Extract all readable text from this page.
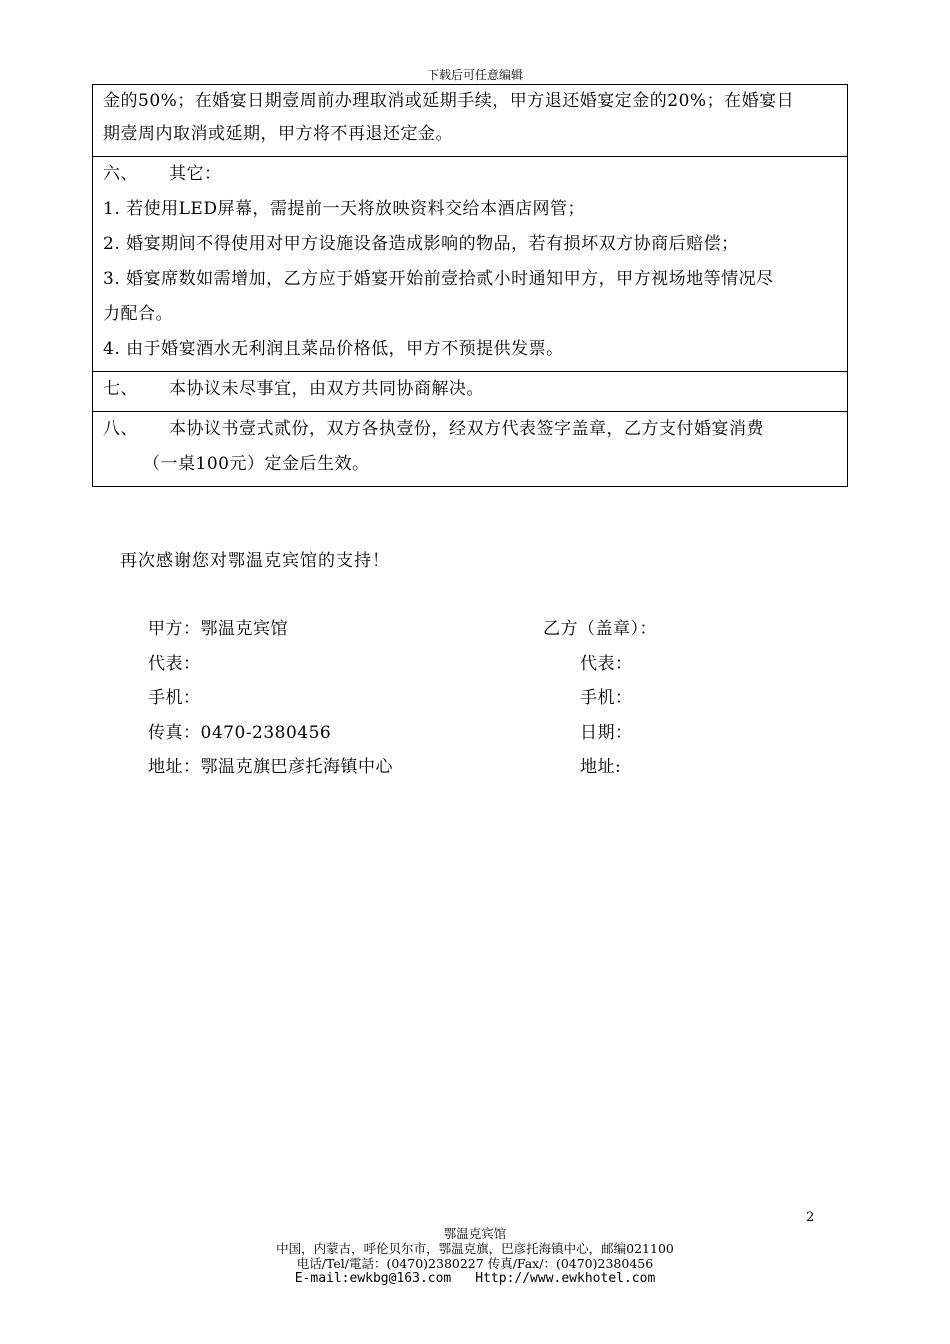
下载后可任意编辑
金的50%；在婚宴日期壹周前办理取消或延期手续，甲方退还婚宴定金的20%；在婚宴日
期壹周内取消或延期，甲方将不再退还定金。
六、 其它：
1. 若使用LED屏幕，需提前一天将放映资料交给本酒店网管；
2. 婚宴期间不得使用对甲方设施设备造成影响的物品，若有损坏双方协商后赔偿；
3. 婚宴席数如需增加，乙方应于婚宴开始前壹拾贰小时通知甲方，甲方视场地等情况尽
力配合。
4. 由于婚宴酒水无利润且菜品价格低，甲方不预提供发票。
七、 本协议未尽事宜，由双方共同协商解决。
八、 本协议书壹式贰份，双方各执壹份，经双方代表签字盖章，乙方支付婚宴消费
（一桌100元）定金后生效。
再次感谢您对鄂温克宾馆的支持！
甲方：鄂温克宾馆
代表：
手机：
传真：0470-2380456
地址：鄂温克旗巴彦托海镇中心
乙方（盖章）：
代表：
手机：
日期：
地址:
2
鄂温克宾馆
中国，内蒙古，呼伦贝尔市，鄂温克旗，巴彦托海镇中心，邮编021100
电话/Tel/電話：(0470)2380227 传真/Fax/：(0470)2380456
E-mail:ewkbg@163.com Http://www.ewkhotel.com
